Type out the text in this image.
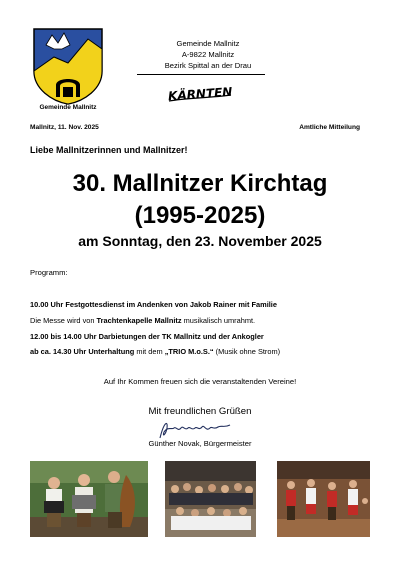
Gemeinde Mallnitz
Gemeinde Mallnitz
A-9822 Mallnitz
Bezirk Spittal an der Drau
KÄRNTEN
Mallnitz, 11. Nov. 2025	Amtliche Mitteilung
Liebe Mallnitzerinnen und Mallnitzer!
30. Mallnitzer Kirchtag
(1995-2025)
am Sonntag, den 23. November 2025
Programm:
10.00 Uhr Festgottesdienst im Andenken von Jakob Rainer mit Familie
Die Messe wird von Trachtenkapelle Mallnitz musikalisch umrahmt.
12.00 bis 14.00 Uhr Darbietungen der TK Mallnitz und der Ankogler
ab ca. 14.30 Uhr Unterhaltung mit dem „TRIO M.o.S.“ (Musik ohne Strom)
Auf Ihr Kommen freuen sich die veranstaltenden Vereine!
Mit freundlichen Grüßen
Günther Novak, Bürgermeister
